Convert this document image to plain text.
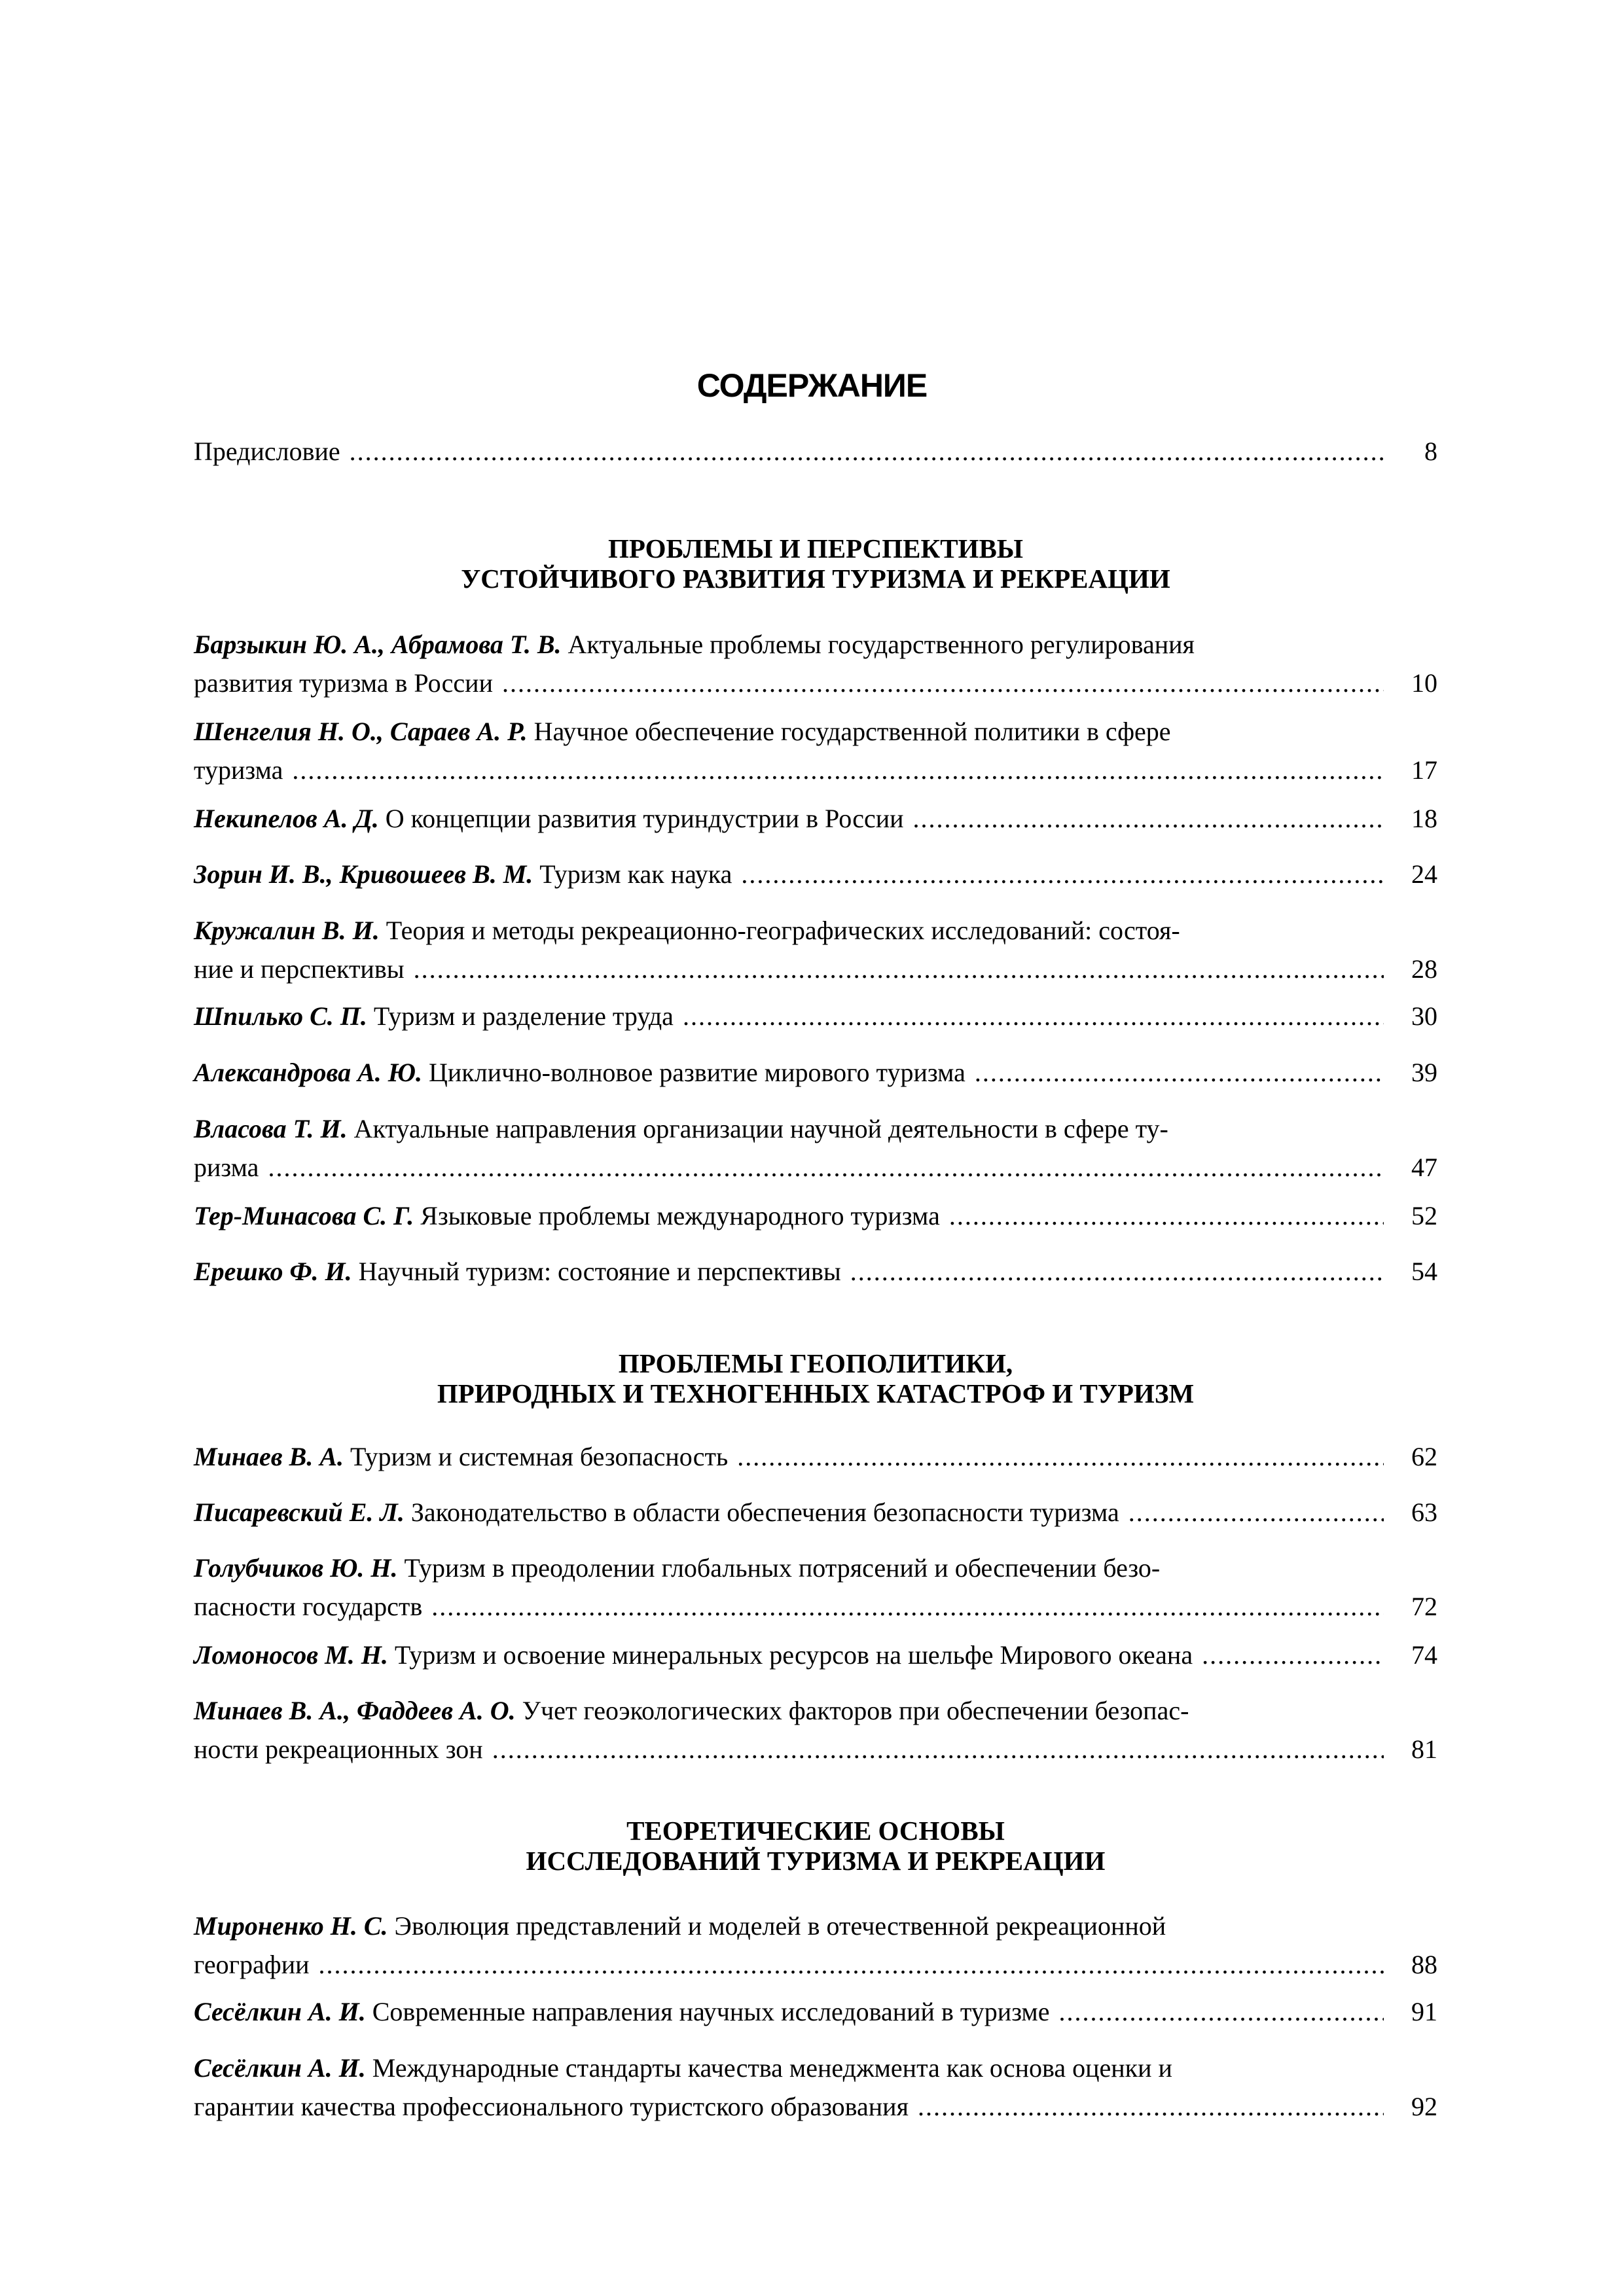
СОДЕРЖАНИЕ
Предисловие .....	8
ПРОБЛЕМЫ И ПЕРСПЕКТИВЫ
УСТОЙЧИВОГО РАЗВИТИЯ ТУРИЗМА И РЕКРЕАЦИИ
Барзыкин Ю. А., Абрамова Т. В. Актуальные проблемы государственного регулирования
развития туризма в России .....	10
Шенгелия Н. О., Сараев А. Р. Научное обеспечение государственной политики в сфере
туризма .....	17
Некипелов А. Д. О концепции развития туриндустрии в России .....	18
Зорин И. В., Кривошеев В. М. Туризм как наука .....	24
Кружалин В. И. Теория и методы рекреационно-географических исследований: состоя-
ние и перспективы .....	28
Шпилько С. П. Туризм и разделение труда .....	30
Александрова А. Ю. Циклично-волновое развитие мирового туризма .....	39
Власова Т. И. Актуальные направления организации научной деятельности в сфере ту-
ризма .....	47
Тер-Минасова С. Г. Языковые проблемы международного туризма .....	52
Ерешко Ф. И. Научный туризм: состояние и перспективы .....	54
ПРОБЛЕМЫ ГЕОПОЛИТИКИ,
ПРИРОДНЫХ И ТЕХНОГЕННЫХ КАТАСТРОФ И ТУРИЗМ
Минаев В. А. Туризм и системная безопасность .....	62
Писаревский Е. Л. Законодательство в области обеспечения безопасности туризма .....	63
Голубчиков Ю. Н. Туризм в преодолении глобальных потрясений и обеспечении безо-
пасности государств .....	72
Ломоносов М. Н. Туризм и освоение минеральных ресурсов на шельфе Мирового океана .....	74
Минаев В. А., Фаддеев А. О. Учет геоэкологических факторов при обеспечении безопас-
ности рекреационных зон .....	81
ТЕОРЕТИЧЕСКИЕ ОСНОВЫ
ИССЛЕДОВАНИЙ ТУРИЗМА И РЕКРЕАЦИИ
Мироненко Н. С. Эволюция представлений и моделей в отечественной рекреационной
географии .....	88
Сесёлкин А. И. Современные направления научных исследований в туризме .....	91
Сесёлкин А. И. Международные стандарты качества менеджмента как основа оценки и
гарантии качества профессионального туристского образования .....	92
